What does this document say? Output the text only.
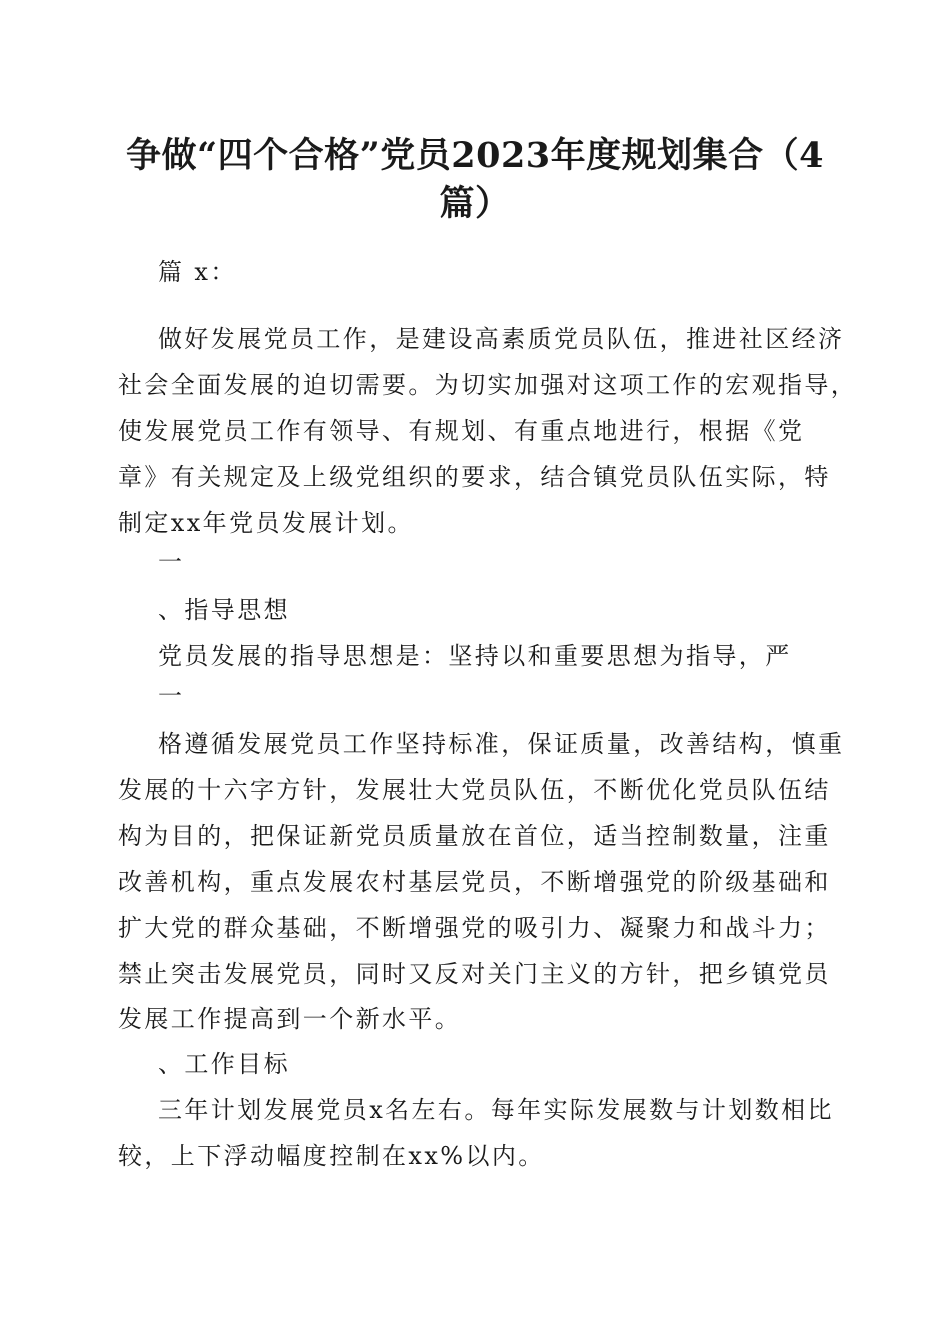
争做“四个合格”党员2023年度规划集合（4
篇）
篇 x：
做好发展党员工作，是建设高素质党员队伍，推进社区经济
社会全面发展的迫切需要。为切实加强对这项工作的宏观指导，
使发展党员工作有领导、有规划、有重点地进行，根据《党
章》有关规定及上级党组织的要求，结合镇党员队伍实际，特
制定xx年党员发展计划。
一
、指导思想
党员发展的指导思想是：坚持以和重要思想为指导，严
一
格遵循发展党员工作坚持标准，保证质量，改善结构，慎重
发展的十六字方针，发展壮大党员队伍，不断优化党员队伍结
构为目的，把保证新党员质量放在首位，适当控制数量，注重
改善机构，重点发展农村基层党员，不断增强党的阶级基础和
扩大党的群众基础，不断增强党的吸引力、凝聚力和战斗力；
禁止突击发展党员，同时又反对关门主义的方针，把乡镇党员
发展工作提高到一个新水平。
、工作目标
三年计划发展党员x名左右。每年实际发展数与计划数相比
较，上下浮动幅度控制在xx%以内。
